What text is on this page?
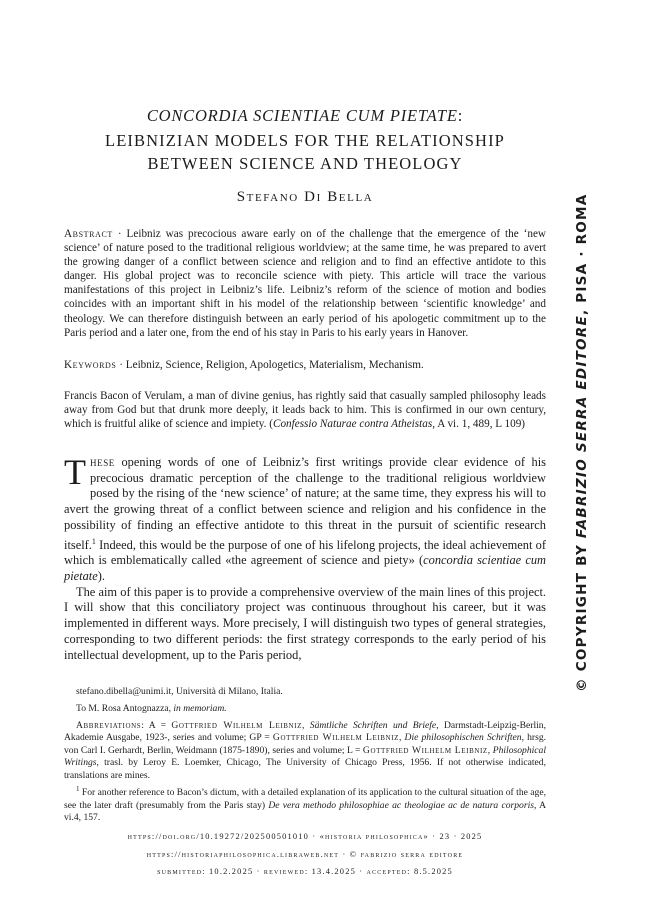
CONCORDIA SCIENTIAE CUM PIETATE:
LEIBNIZIAN MODELS FOR THE RELATIONSHIP
BETWEEN SCIENCE AND THEOLOGY
Stefano Di Bella
Abstract · Leibniz was precocious aware early on of the challenge that the emergence of the ‘new science’ of nature posed to the traditional religious worldview; at the same time, he was prepared to avert the growing danger of a conflict between science and religion and to find an effective antidote to this danger. His global project was to reconcile science with piety. This article will trace the various manifestations of this project in Leibniz’s life. Leibniz’s reform of the science of motion and bodies coincides with an important shift in his model of the relationship between ‘scientific knowledge’ and theology. We can therefore distinguish between an early period of his apologetic commitment up to the Paris period and a later one, from the end of his stay in Paris to his early years in Hanover.
Keywords · Leibniz, Science, Religion, Apologetics, Materialism, Mechanism.
Francis Bacon of Verulam, a man of divine genius, has rightly said that casually sampled philosophy leads away from God but that drunk more deeply, it leads back to him. This is confirmed in our own century, which is fruitful alike of science and impiety. (Confessio Naturae contra Atheistas, A vi. 1, 489, L 109)

These opening words of one of Leibniz’s first writings provide clear evidence of his precocious dramatic perception of the challenge to the traditional religious worldview posed by the rising of the ‘new science’ of nature; at the same time, they express his will to avert the growing threat of a conflict between science and religion and his confidence in the possibility of finding an effective antidote to this threat in the pursuit of scientific research itself.$^1$ Indeed, this would be the purpose of one of his lifelong projects, the ideal achievement of which is emblematically called «the agreement of science and piety» (concordia scientiae cum pietate).

The aim of this paper is to provide a comprehensive overview of the main lines of this project. I will show that this conciliatory project was continuous throughout his career, but it was implemented in different ways. More precisely, I will distinguish two types of general strategies, corresponding to two different periods: the first strategy corresponds to the early period of his intellectual development, up to the Paris period,

stefano.dibella@unimi.it, Università di Milano, Italia.
To M. Rosa Antognazza, in memoriam.
Abbreviations: A = Gottfried Wilhelm Leibniz, Sämtliche Schriften und Briefe, Darmstadt-Leipzig-Berlin, Akademie Ausgabe, 1923-, series and volume; GP = Gottfried Wilhelm Leibniz, Die philosophischen Schriften, hrsg. von Carl I. Gerhardt, Berlin, Weidmann (1875-1890), series and volume; L = Gottfried Wilhelm Leibniz, Philosophical Writings, trasl. by Leroy E. Loemker, Chicago, The University of Chicago Press, 1956. If not otherwise indicated, translations are mines.
$^1$ For another reference to Bacon’s dictum, with a detailed explanation of its application to the cultural situation of the age, see the later draft (presumably from the Paris stay) De vera methodo philosophiae ac theologiae ac de natura corporis, A vi.4, 157.
https://doi.org/10.19272/202500501010 · «historia philosophica» · 23 · 2025
https://historiaphilosophica.libraweb.net · © fabrizio serra editore
submitted: 10.2.2025 · reviewed: 13.4.2025 · accepted: 8.5.2025
© COPYRIGHT BY FABRIZIO SERRA EDITORE, PISA · ROMA
